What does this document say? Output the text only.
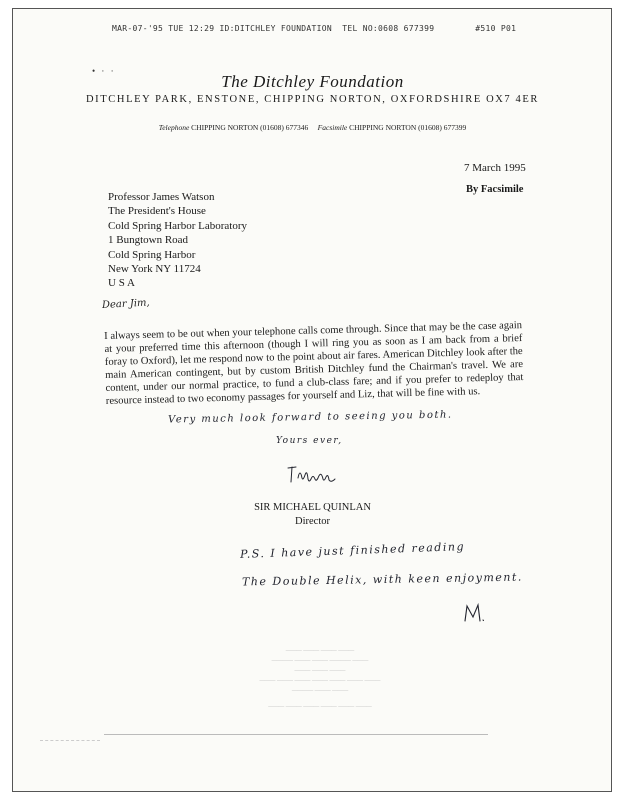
MAR-07-'95 TUE 12:29 ID:DITCHLEY FOUNDATION  TEL NO:0608 677399        #510 P01
• · ·
The Ditchley Foundation
DITCHLEY PARK, ENSTONE, CHIPPING NORTON, OXFORDSHIRE OX7 4ER
Telephone CHIPPING NORTON (01608) 677346 Facsimile CHIPPING NORTON (01608) 677399
7 March 1995
By Facsimile
Professor James Watson
The President's House
Cold Spring Harbor Laboratory
1 Bungtown Road
Cold Spring Harbor
New York NY 11724
U S A
Dear Jim,
I always seem to be out when your telephone calls come through. Since that may be the case again at your preferred time this afternoon (though I will ring you as soon as I am back from a brief foray to Oxford), let me respond now to the point about air fares. American Ditchley look after the main American contingent, but by custom British Ditchley fund the Chairman's travel. We are content, under our normal practice, to fund a club-class fare; and if you prefer to redeploy that resource instead to two economy passages for yourself and Liz, that will be fine with us.
Very much look forward to seeing you both.
Yours ever,
SIR MICHAEL QUINLAN
Director
P.S. I have just finished reading
The Double Helix, with keen enjoyment.
——— ——— ——— ———
———— ——— ——— ———— ———
——— ——— ———
——— ——— ——— ——— ——— ——— ———
———— ——— ———
——— ——— ——— ——— ——— ———
